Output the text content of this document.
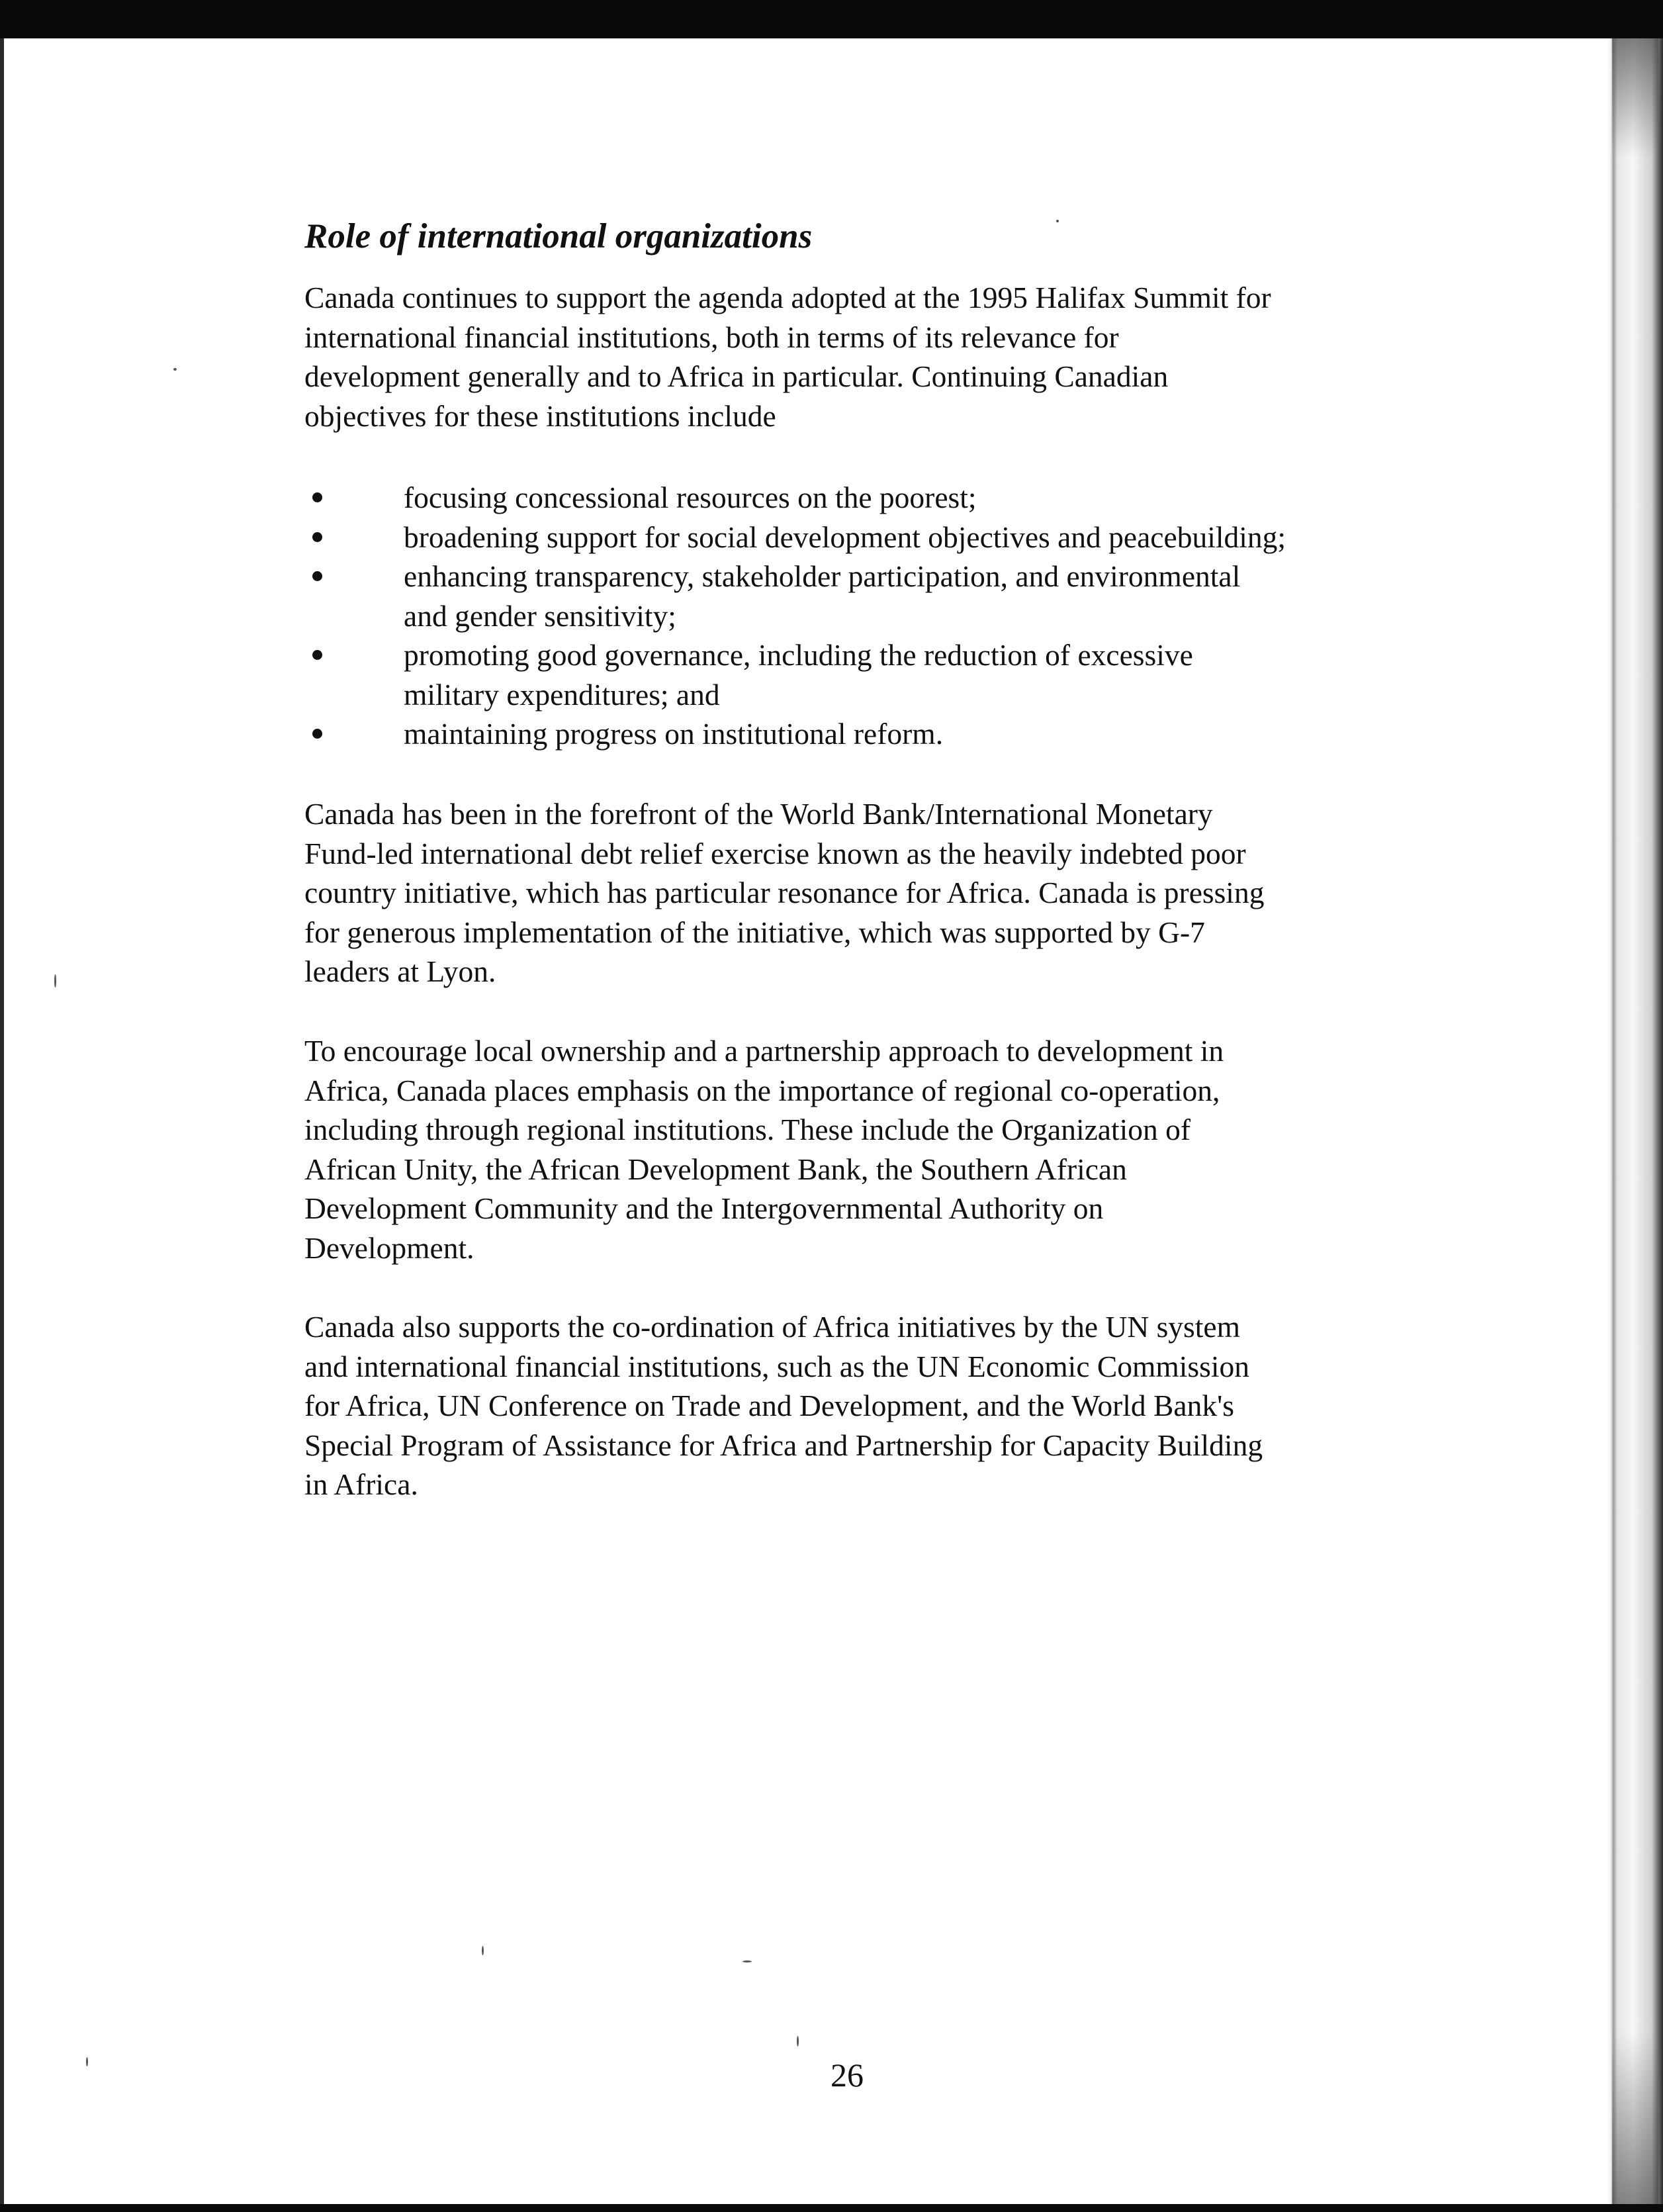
Role of international organizations

Canada continues to support the agenda adopted at the 1995 Halifax Summit for
international financial institutions, both in terms of its relevance for
development generally and to Africa in particular. Continuing Canadian
objectives for these institutions include

focusing concessional resources on the poorest;
broadening support for social development objectives and peacebuilding;
enhancing transparency, stakeholder participation, and environmental
and gender sensitivity;
promoting good governance, including the reduction of excessive
military expenditures; and
maintaining progress on institutional reform.

Canada has been in the forefront of the World Bank/International Monetary
Fund-led international debt relief exercise known as the heavily indebted poor
country initiative, which has particular resonance for Africa. Canada is pressing
for generous implementation of the initiative, which was supported by G-7
leaders at Lyon.

To encourage local ownership and a partnership approach to development in
Africa, Canada places emphasis on the importance of regional co-operation,
including through regional institutions. These include the Organization of
African Unity, the African Development Bank, the Southern African
Development Community and the Intergovernmental Authority on
Development.

Canada also supports the co-ordination of Africa initiatives by the UN system
and international financial institutions, such as the UN Economic Commission
for Africa, UN Conference on Trade and Development, and the World Bank's
Special Program of Assistance for Africa and Partnership for Capacity Building
in Africa.

26
